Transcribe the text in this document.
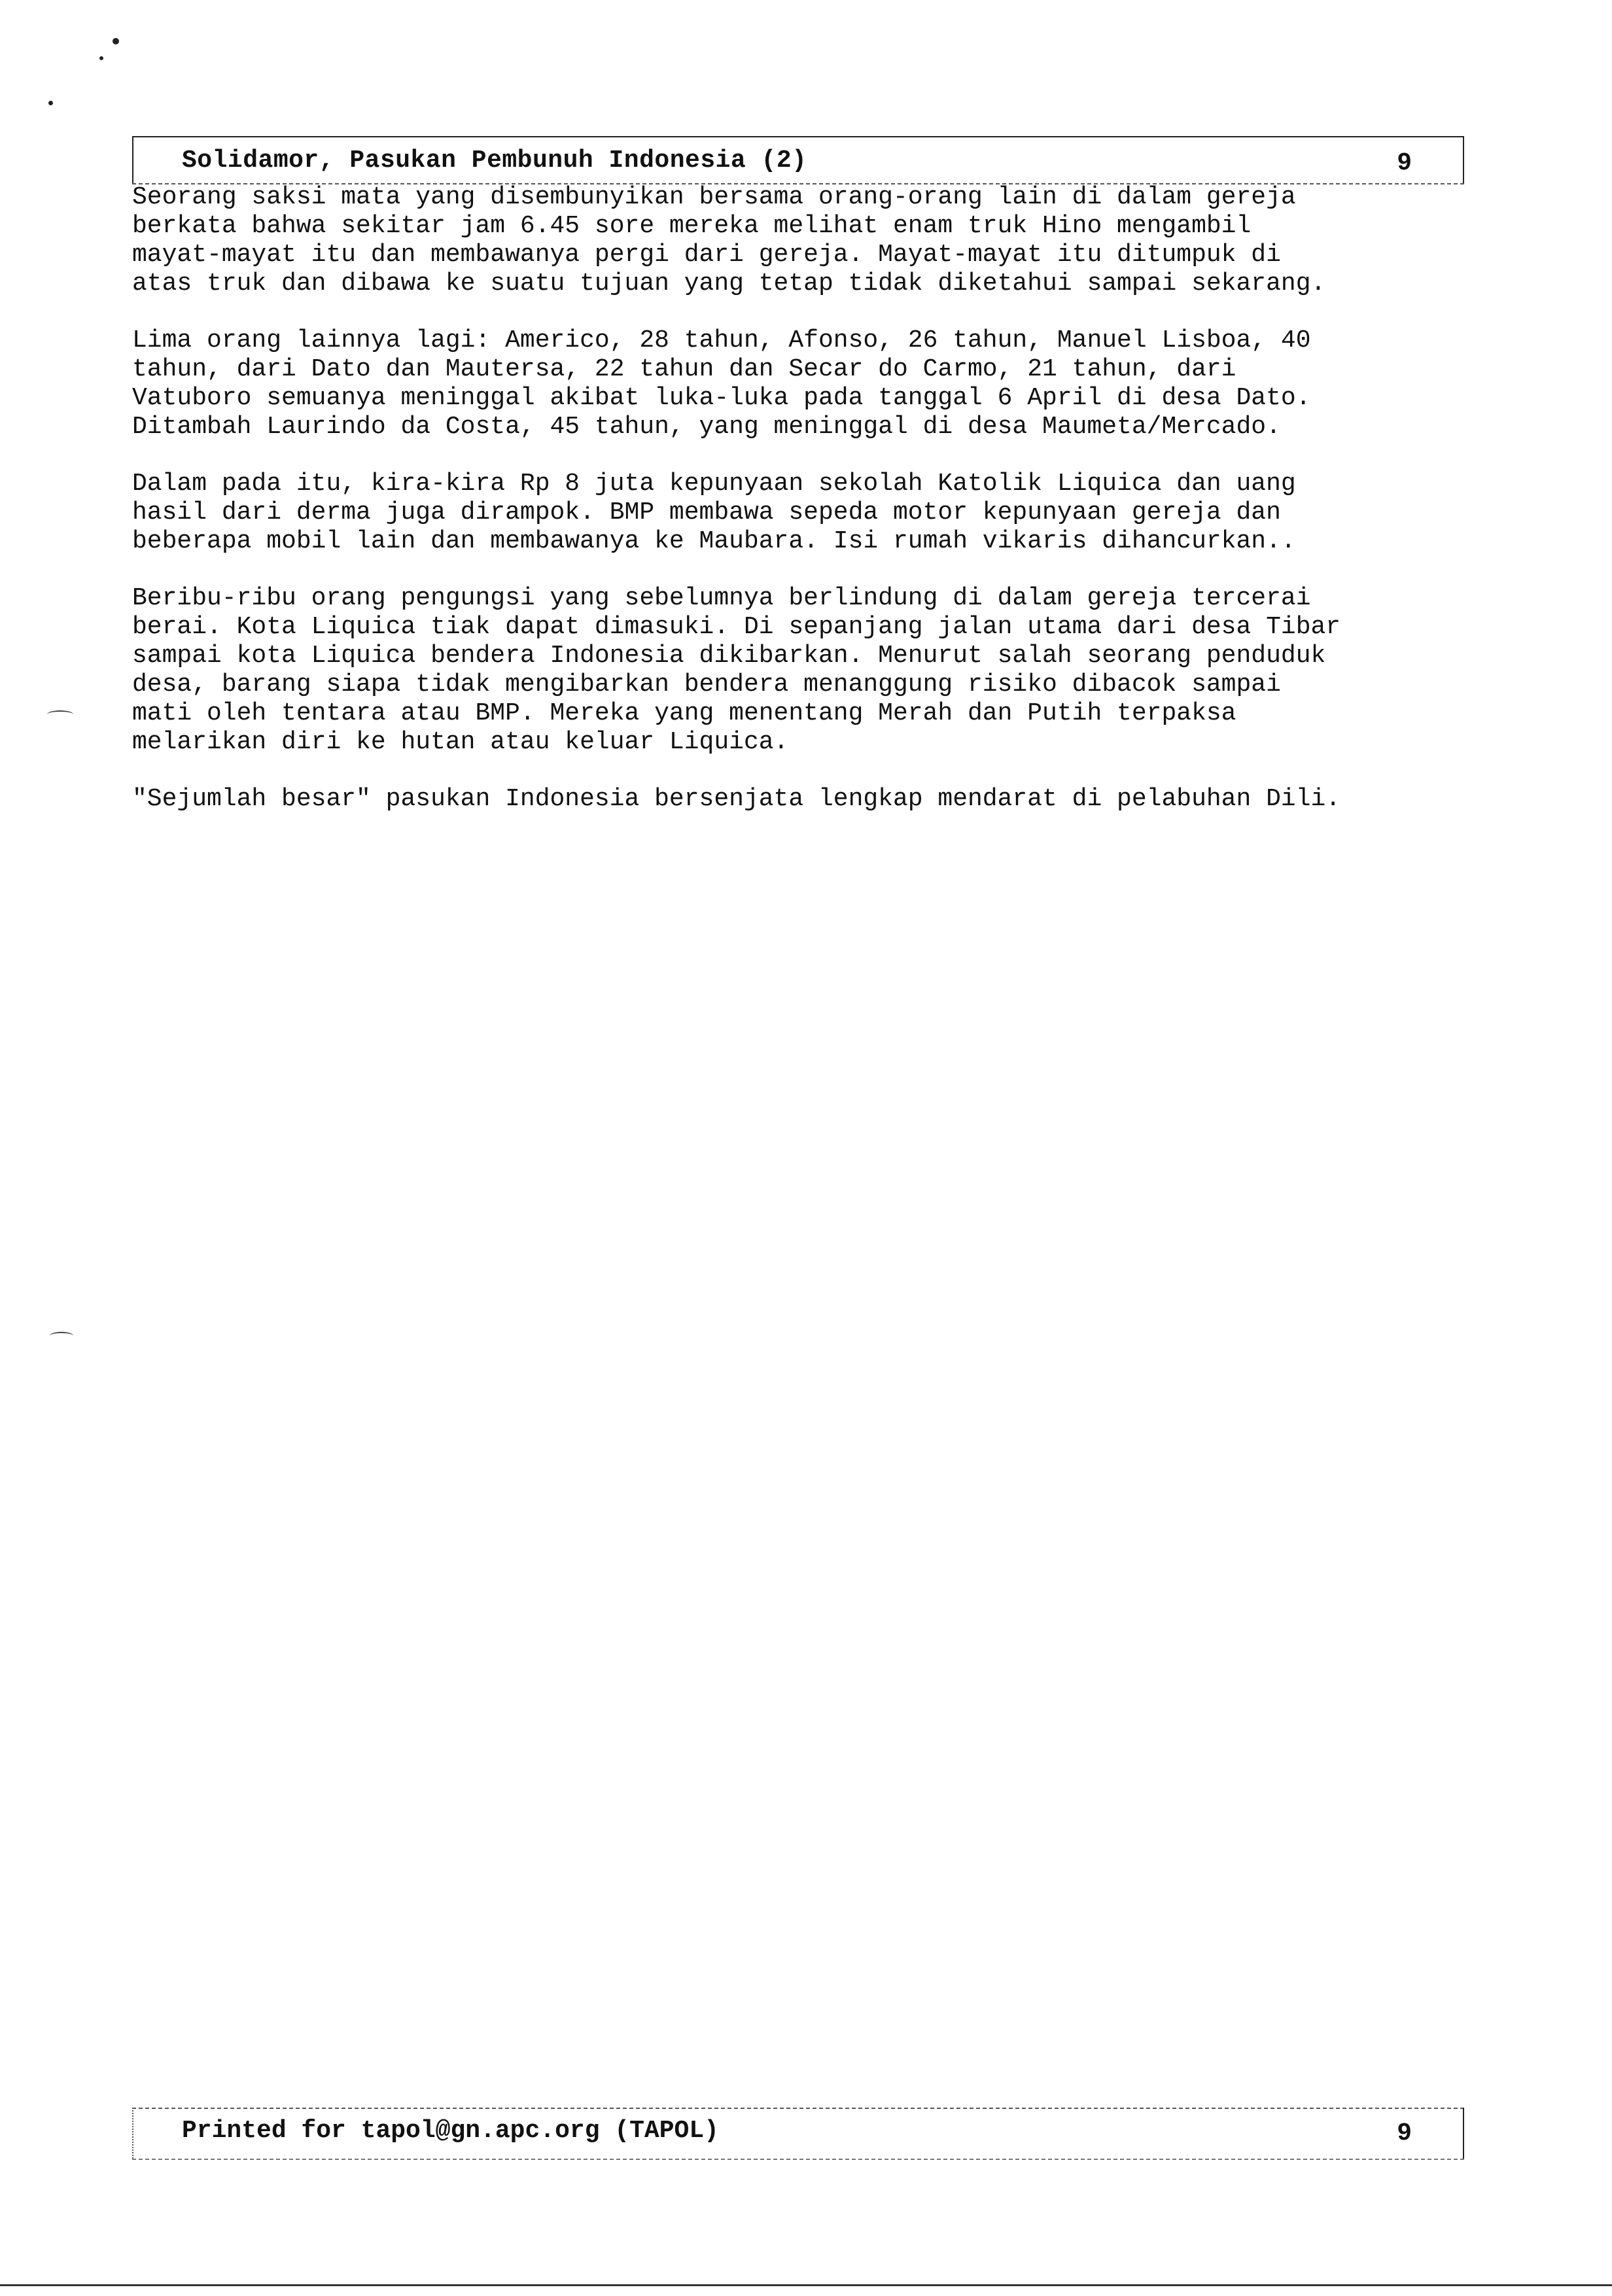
Solidamor, Pasukan Pembunuh Indonesia (2)	9

Seorang saksi mata yang disembunyikan bersama orang-orang lain di dalam gereja
berkata bahwa sekitar jam 6.45 sore mereka melihat enam truk Hino mengambil
mayat-mayat itu dan membawanya pergi dari gereja. Mayat-mayat itu ditumpuk di
atas truk dan dibawa ke suatu tujuan yang tetap tidak diketahui sampai sekarang.

Lima orang lainnya lagi: Americo, 28 tahun, Afonso, 26 tahun, Manuel Lisboa, 40
tahun, dari Dato dan Mautersa, 22 tahun dan Secar do Carmo, 21 tahun, dari
Vatuboro semuanya meninggal akibat luka-luka pada tanggal 6 April di desa Dato.
Ditambah Laurindo da Costa, 45 tahun, yang meninggal di desa Maumeta/Mercado.

Dalam pada itu, kira-kira Rp 8 juta kepunyaan sekolah Katolik Liquica dan uang
hasil dari derma juga dirampok. BMP membawa sepeda motor kepunyaan gereja dan
beberapa mobil lain dan membawanya ke Maubara. Isi rumah vikaris dihancurkan..

Beribu-ribu orang pengungsi yang sebelumnya berlindung di dalam gereja tercerai
berai. Kota Liquica tiak dapat dimasuki. Di sepanjang jalan utama dari desa Tibar
sampai kota Liquica bendera Indonesia dikibarkan. Menurut salah seorang penduduk
desa, barang siapa tidak mengibarkan bendera menanggung risiko dibacok sampai
mati oleh tentara atau BMP. Mereka yang menentang Merah dan Putih terpaksa
melarikan diri ke hutan atau keluar Liquica.

"Sejumlah besar" pasukan Indonesia bersenjata lengkap mendarat di pelabuhan Dili.

Printed for tapol@gn.apc.org (TAPOL)	9
